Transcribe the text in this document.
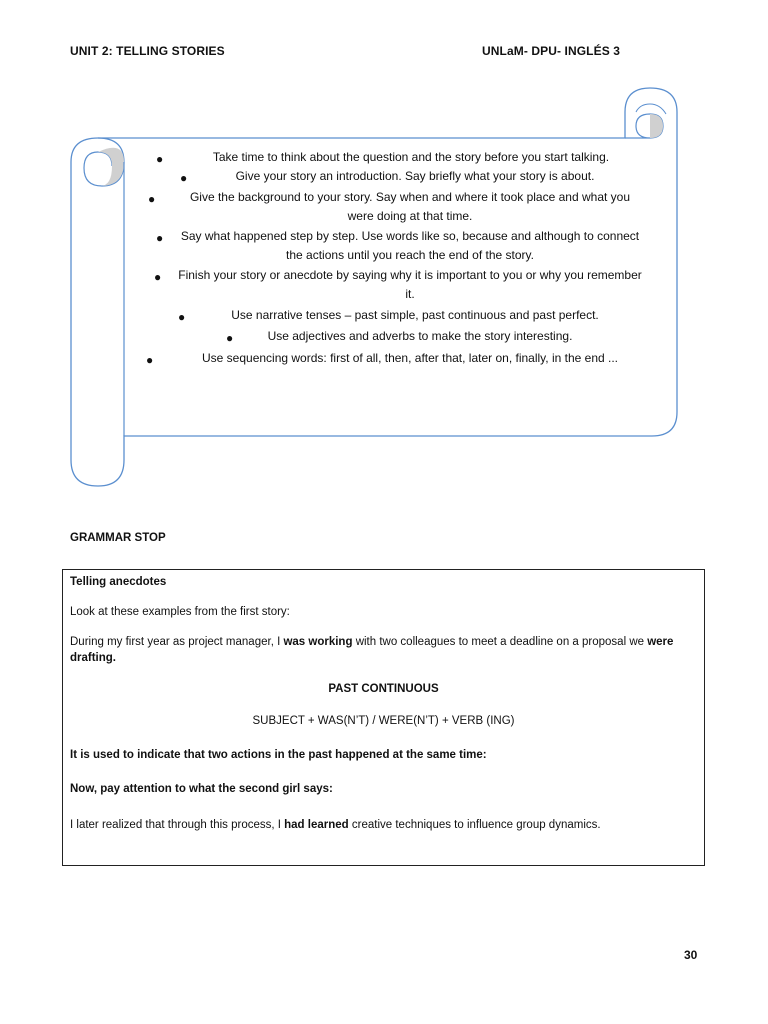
UNIT 2: TELLING STORIES	UNLaM- DPU- INGLÉS 3

●	Take time to think about the question and the story before you start talking.

●	Give your story an introduction. Say briefly what your story is about.

●	Give the background to your story. Say when and where it took place and what you were doing at that time.

● Say what happened step by step. Use words like so, because and although to connect the actions until you reach the end of the story.

● Finish your story or anecdote by saying why it is important to you or why you remember it.

●	Use narrative tenses – past simple, past continuous and past perfect.

●	Use adjectives and adverbs to make the story interesting.

●	Use sequencing words: first of all, then, after that, later on, finally, in the end ...

GRAMMAR STOP

Telling anecdotes

Look at these examples from the first story:

During my first year as project manager, I was working with two colleagues to meet a deadline on a proposal we were drafting.

PAST CONTINUOUS

SUBJECT + WAS(N’T) / WERE(N’T) + VERB (ING)

It is used to indicate that two actions in the past happened at the same time:

Now, pay attention to what the second girl says:

I later realized that through this process, I had learned creative techniques to influence group dynamics.

30
